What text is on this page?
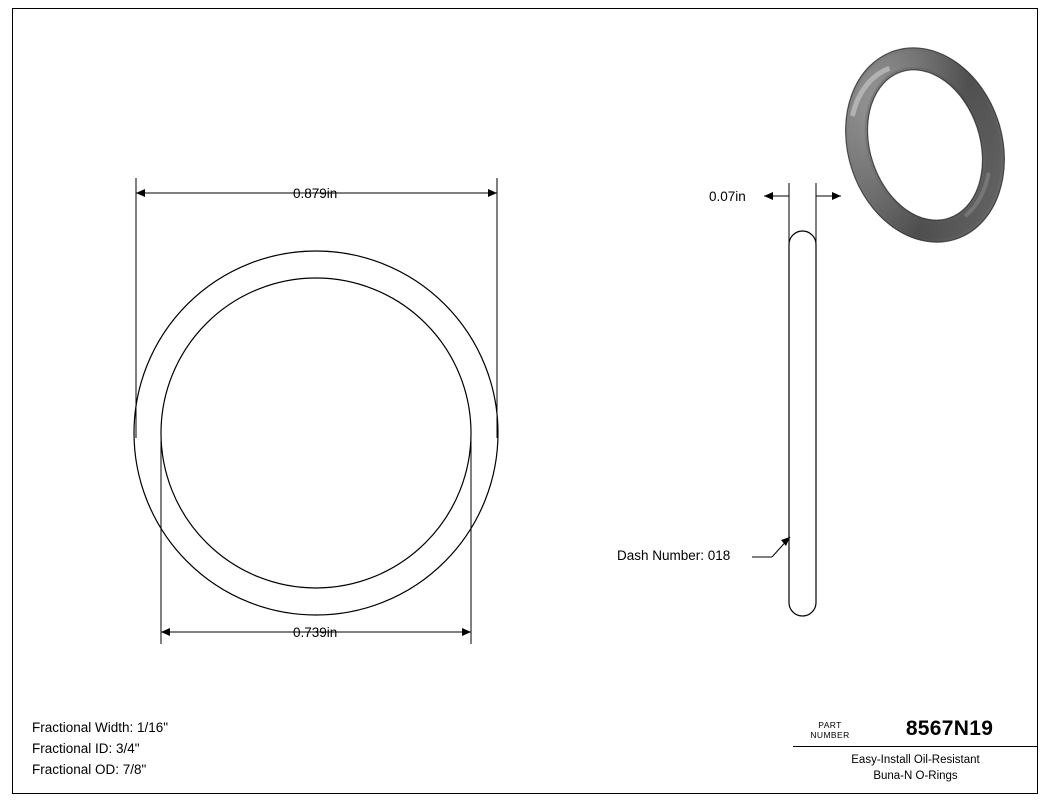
0.879in
0.739in
0.07in
Dash Number: 018
Fractional Width: 1/16"
Fractional ID: 3/4"
Fractional OD: 7/8"
PART
NUMBER	8567N19
Easy-Install Oil-Resistant
Buna-N O-Rings
